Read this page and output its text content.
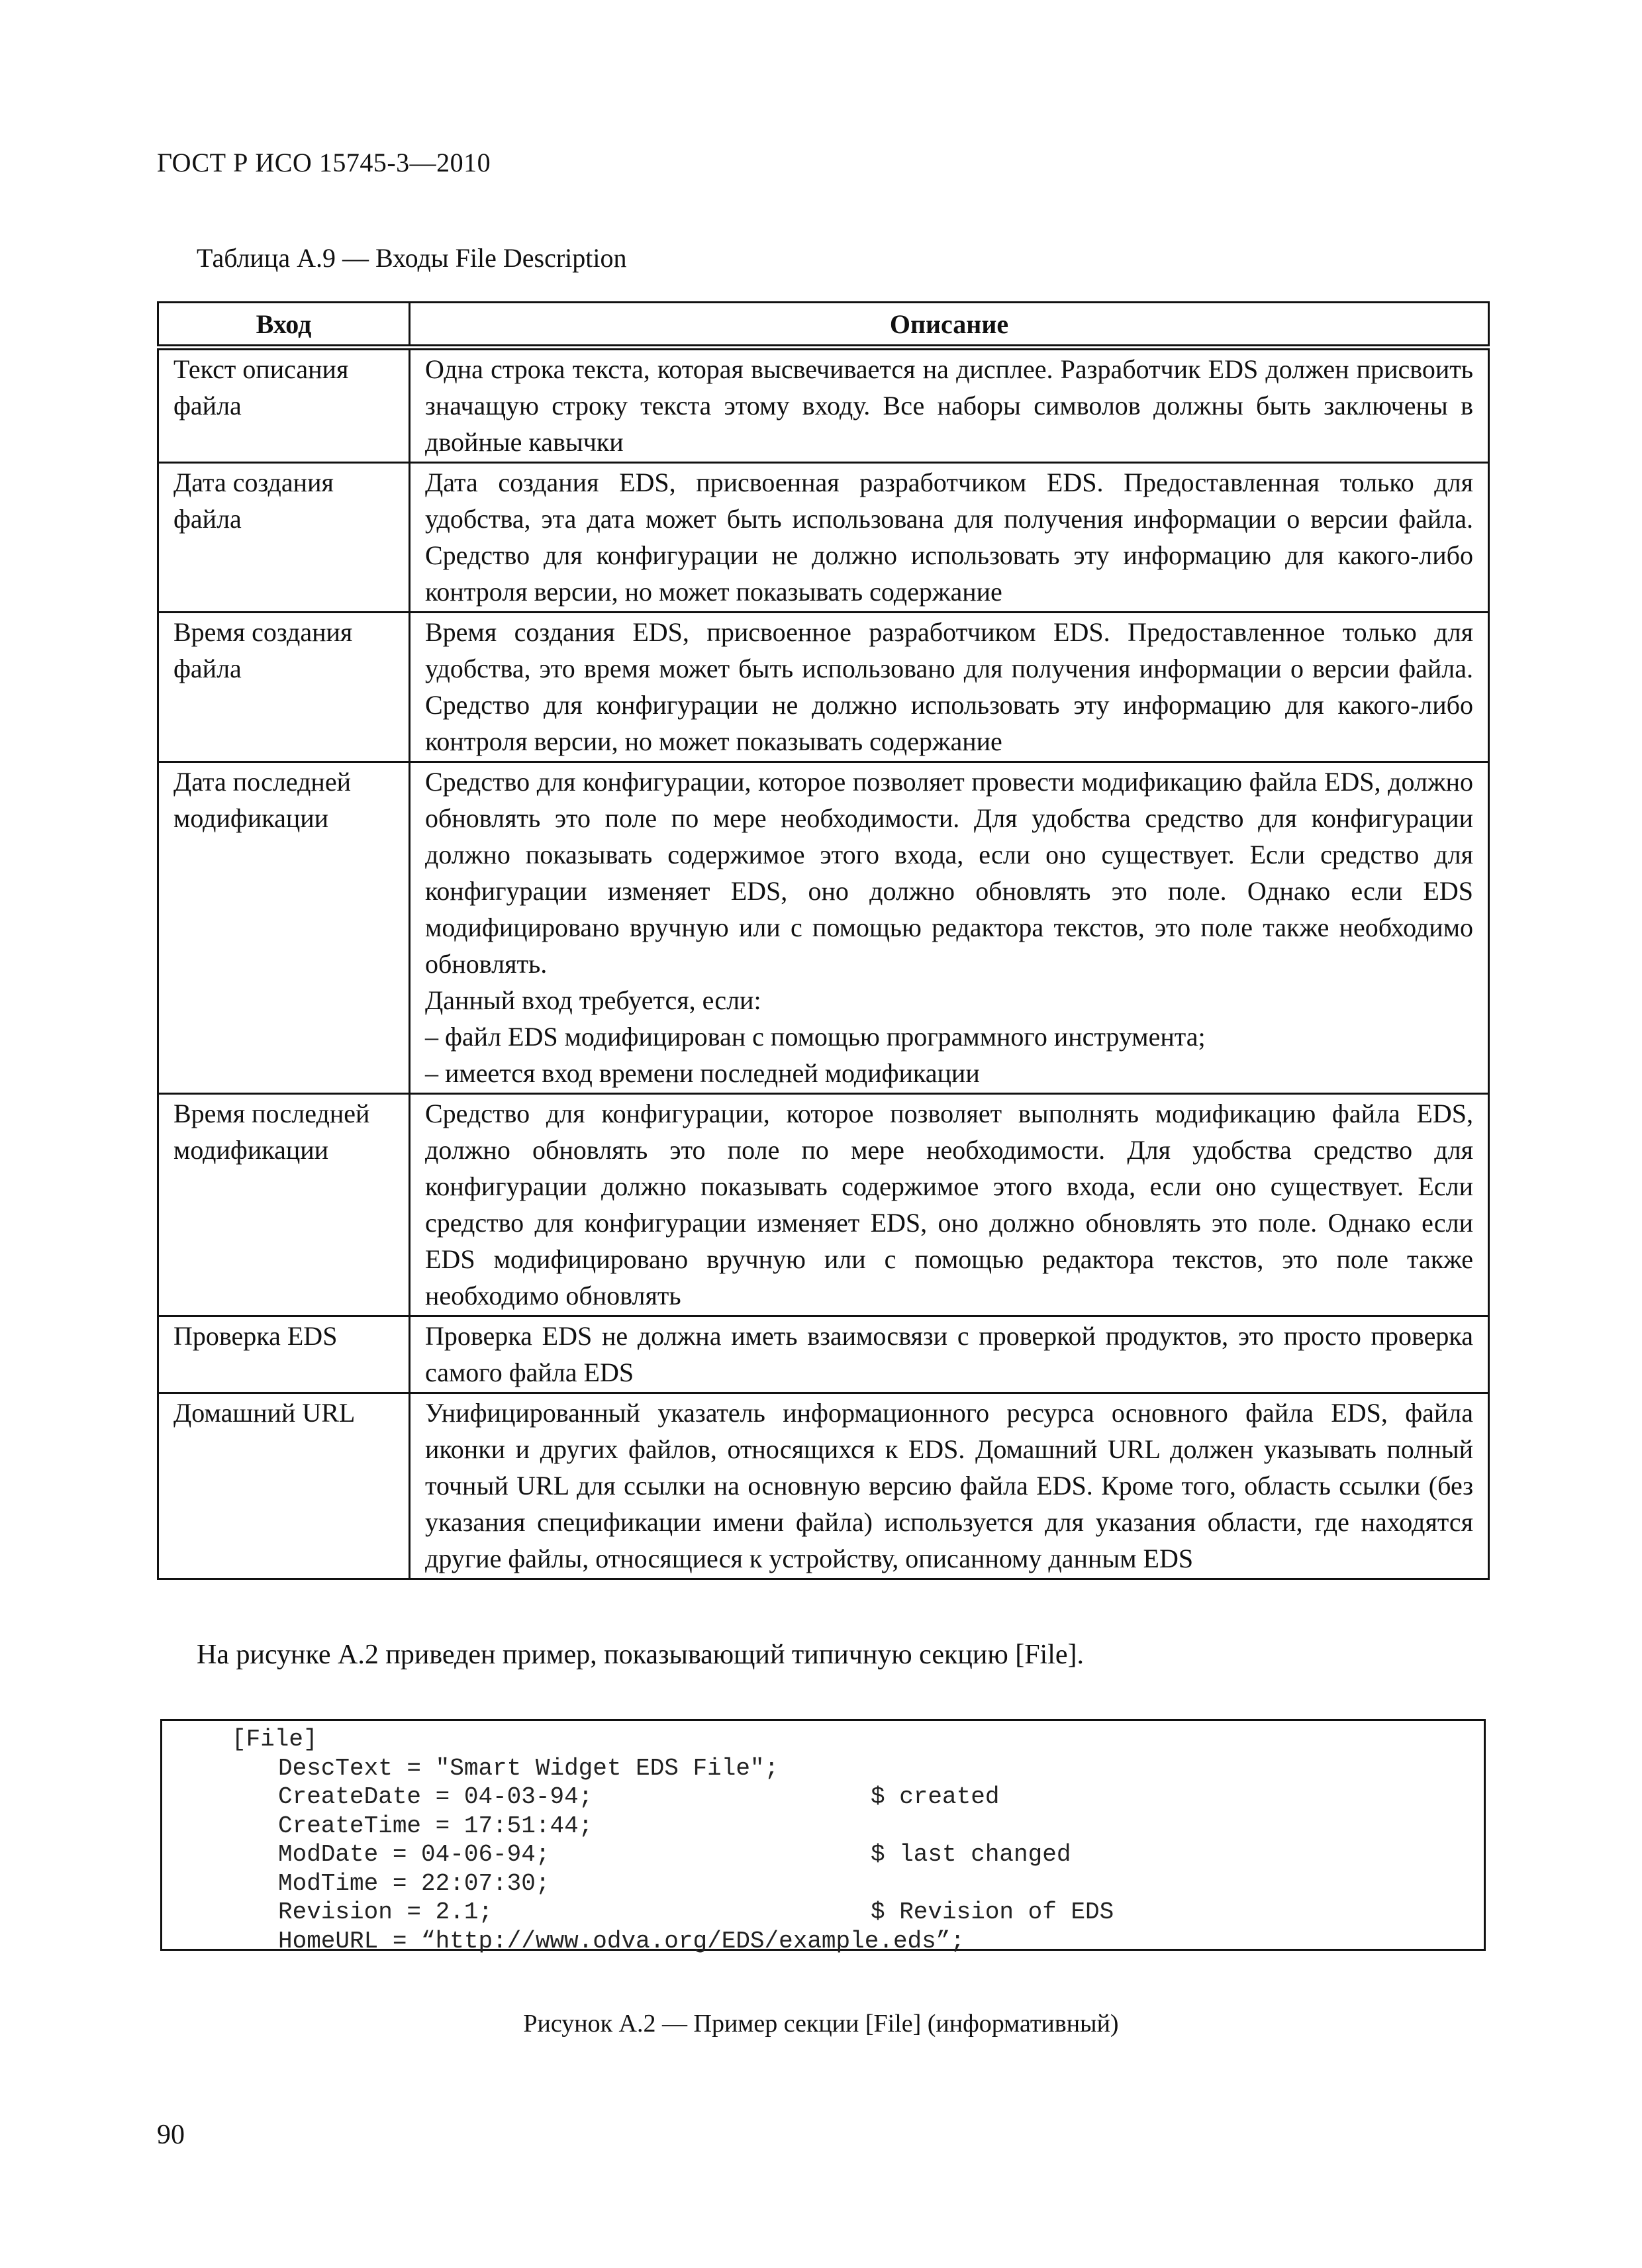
ГОСТ Р ИСО 15745-3—2010
Таблица А.9 — Входы File Description
Вход	Описание
Текст описания файла	Одна строка текста, которая высвечивается на дисплее. Разработчик EDS должен присвоить значащую строку текста этому входу. Все наборы символов должны быть заключены в двойные кавычки

Дата создания файла	Дата создания EDS, присвоенная разработчиком EDS. Предоставленная только для удобства, эта дата может быть использована для получения информации о версии файла. Средство для конфигурации не должно использовать эту информацию для какого-либо контроля версии, но может показывать содержание

Время создания файла	Время создания EDS, присвоенное разработчиком EDS. Предоставленное только для удобства, это время может быть использовано для получения информации о версии файла. Средство для конфигурации не должно использовать эту информацию для какого-либо контроля версии, но может показывать содержание

Дата последней модификации	Средство для конфигурации, которое позволяет провести модификацию файла EDS, должно обновлять это поле по мере необходимости. Для удобства средство для конфигурации должно показывать содержимое этого входа, если оно существует. Если средство для конфигурации изменяет EDS, оно должно обновлять это поле. Однако если EDS модифицировано вручную или с помощью редактора текстов, это поле также необходимо обновлять.
Данный вход требуется, если:
– файл EDS модифицирован с помощью программного инструмента;
– имеется вход времени последней модификации

Время последней модификации	Средство для конфигурации, которое позволяет выполнять модификацию файла EDS, должно обновлять это поле по мере необходимости. Для удобства средство для конфигурации должно показывать содержимое этого входа, если оно существует. Если средство для конфигурации изменяет EDS, оно должно обновлять это поле. Однако если EDS модифицировано вручную или с помощью редактора текстов, это поле также необходимо обновлять

Проверка EDS	Проверка EDS не должна иметь взаимосвязи с проверкой продуктов, это просто проверка самого файла EDS

Домашний URL	Унифицированный указатель информационного ресурса основного файла EDS, файла иконки и других файлов, относящихся к EDS. Домашний URL должен указывать полный точный URL для ссылки на основную версию файла EDS. Кроме того, область ссылки (без указания спецификации имени файла) используется для указания области, где находятся другие файлы, относящиеся к устройству, описанному данным EDS
На рисунке А.2 приведен пример, показывающий типичную секцию [File].
[File]
DescText = "Smart Widget EDS File";
CreateDate = 04-03-94;	$ created
CreateTime = 17:51:44;
ModDate = 04-06-94;	$ last changed
ModTime = 22:07:30;
Revision = 2.1;	$ Revision of EDS
HomeURL = “http://www.odva.org/EDS/example.eds”;
Рисунок А.2 — Пример секции [File] (информативный)
90
